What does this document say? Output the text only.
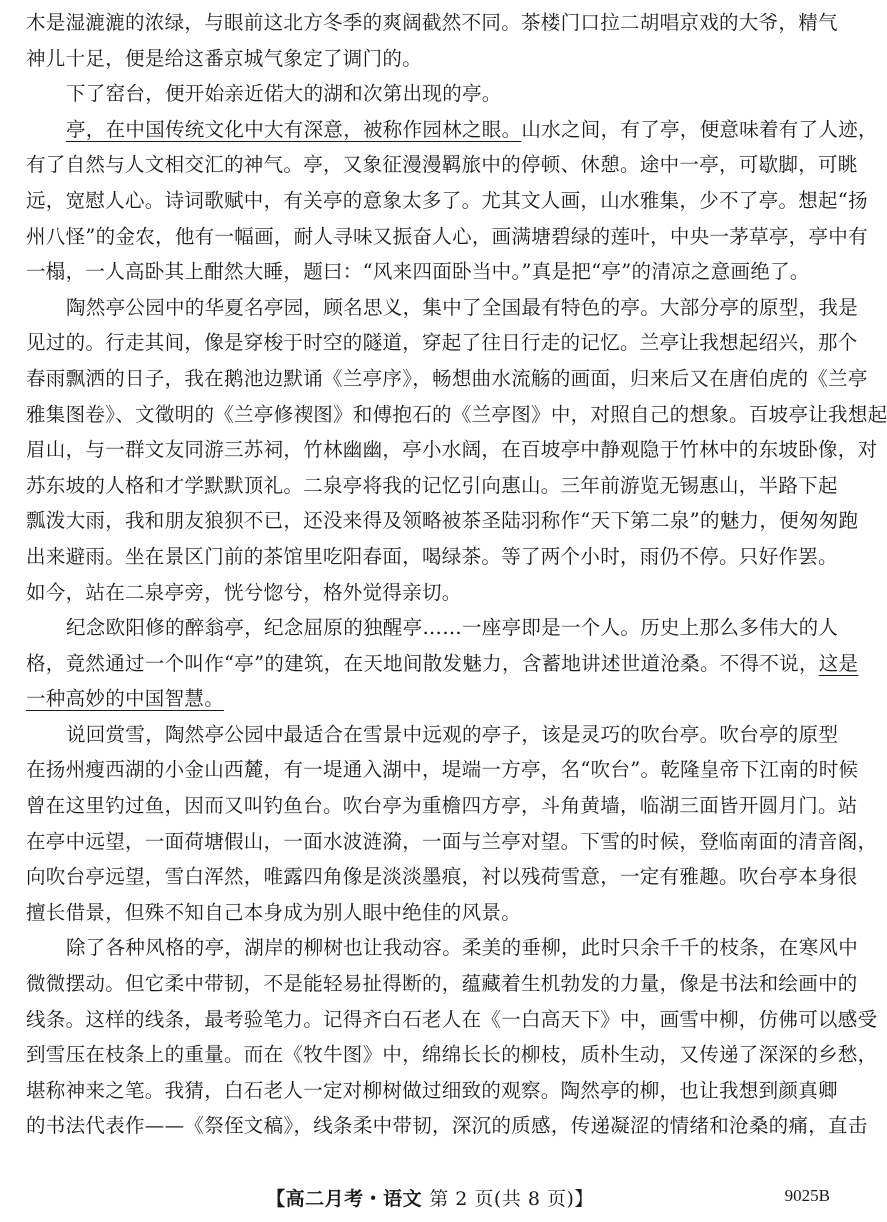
木是湿漉漉的浓绿，与眼前这北方冬季的爽阔截然不同。茶楼门口拉二胡唱京戏的大爷，精气
神儿十足，便是给这番京城气象定了调门的。
下了窑台，便开始亲近偌大的湖和次第出现的亭。
亭，在中国传统文化中大有深意，被称作园林之眼。山水之间，有了亭，便意味着有了人迹，
有了自然与人文相交汇的神气。亭，又象征漫漫羁旅中的停顿、休憩。途中一亭，可歇脚，可眺
远，宽慰人心。诗词歌赋中，有关亭的意象太多了。尤其文人画，山水雅集，少不了亭。想起“扬
州八怪”的金农，他有一幅画，耐人寻味又振奋人心，画满塘碧绿的莲叶，中央一茅草亭，亭中有
一榻，一人高卧其上酣然大睡，题曰：“风来四面卧当中。”真是把“亭”的清凉之意画绝了。
陶然亭公园中的华夏名亭园，顾名思义，集中了全国最有特色的亭。大部分亭的原型，我是
见过的。行走其间，像是穿梭于时空的隧道，穿起了往日行走的记忆。兰亭让我想起绍兴，那个
春雨飘洒的日子，我在鹅池边默诵《兰亭序》，畅想曲水流觞的画面，归来后又在唐伯虎的《兰亭
雅集图卷》、文徵明的《兰亭修禊图》和傅抱石的《兰亭图》中，对照自己的想象。百坡亭让我想起
眉山，与一群文友同游三苏祠，竹林幽幽，亭小水阔，在百坡亭中静观隐于竹林中的东坡卧像，对
苏东坡的人格和才学默默顶礼。二泉亭将我的记忆引向惠山。三年前游览无锡惠山，半路下起
瓢泼大雨，我和朋友狼狈不已，还没来得及领略被茶圣陆羽称作“天下第二泉”的魅力，便匆匆跑
出来避雨。坐在景区门前的茶馆里吃阳春面，喝绿茶。等了两个小时，雨仍不停。只好作罢。
如今，站在二泉亭旁，恍兮惚兮，格外觉得亲切。
纪念欧阳修的醉翁亭，纪念屈原的独醒亭……一座亭即是一个人。历史上那么多伟大的人
格，竟然通过一个叫作“亭”的建筑，在天地间散发魅力，含蓄地讲述世道沧桑。不得不说，这是
一种高妙的中国智慧。
说回赏雪，陶然亭公园中最适合在雪景中远观的亭子，该是灵巧的吹台亭。吹台亭的原型
在扬州瘦西湖的小金山西麓，有一堤通入湖中，堤端一方亭，名“吹台”。乾隆皇帝下江南的时候
曾在这里钓过鱼，因而又叫钓鱼台。吹台亭为重檐四方亭，斗角黄墙，临湖三面皆开圆月门。站
在亭中远望，一面荷塘假山，一面水波涟漪，一面与兰亭对望。下雪的时候，登临南面的清音阁，
向吹台亭远望，雪白浑然，唯露四角像是淡淡墨痕，衬以残荷雪意，一定有雅趣。吹台亭本身很
擅长借景，但殊不知自己本身成为别人眼中绝佳的风景。
除了各种风格的亭，湖岸的柳树也让我动容。柔美的垂柳，此时只余千千的枝条，在寒风中
微微摆动。但它柔中带韧，不是能轻易扯得断的，蕴藏着生机勃发的力量，像是书法和绘画中的
线条。这样的线条，最考验笔力。记得齐白石老人在《一白高天下》中，画雪中柳，仿佛可以感受
到雪压在枝条上的重量。而在《牧牛图》中，绵绵长长的柳枝，质朴生动，又传递了深深的乡愁，
堪称神来之笔。我猜，白石老人一定对柳树做过细致的观察。陶然亭的柳，也让我想到颜真卿
的书法代表作——《祭侄文稿》，线条柔中带韧，深沉的质感，传递凝涩的情绪和沧桑的痛，直击
【高二月考・语文 第 2 页(共 8 页)】	9025B
